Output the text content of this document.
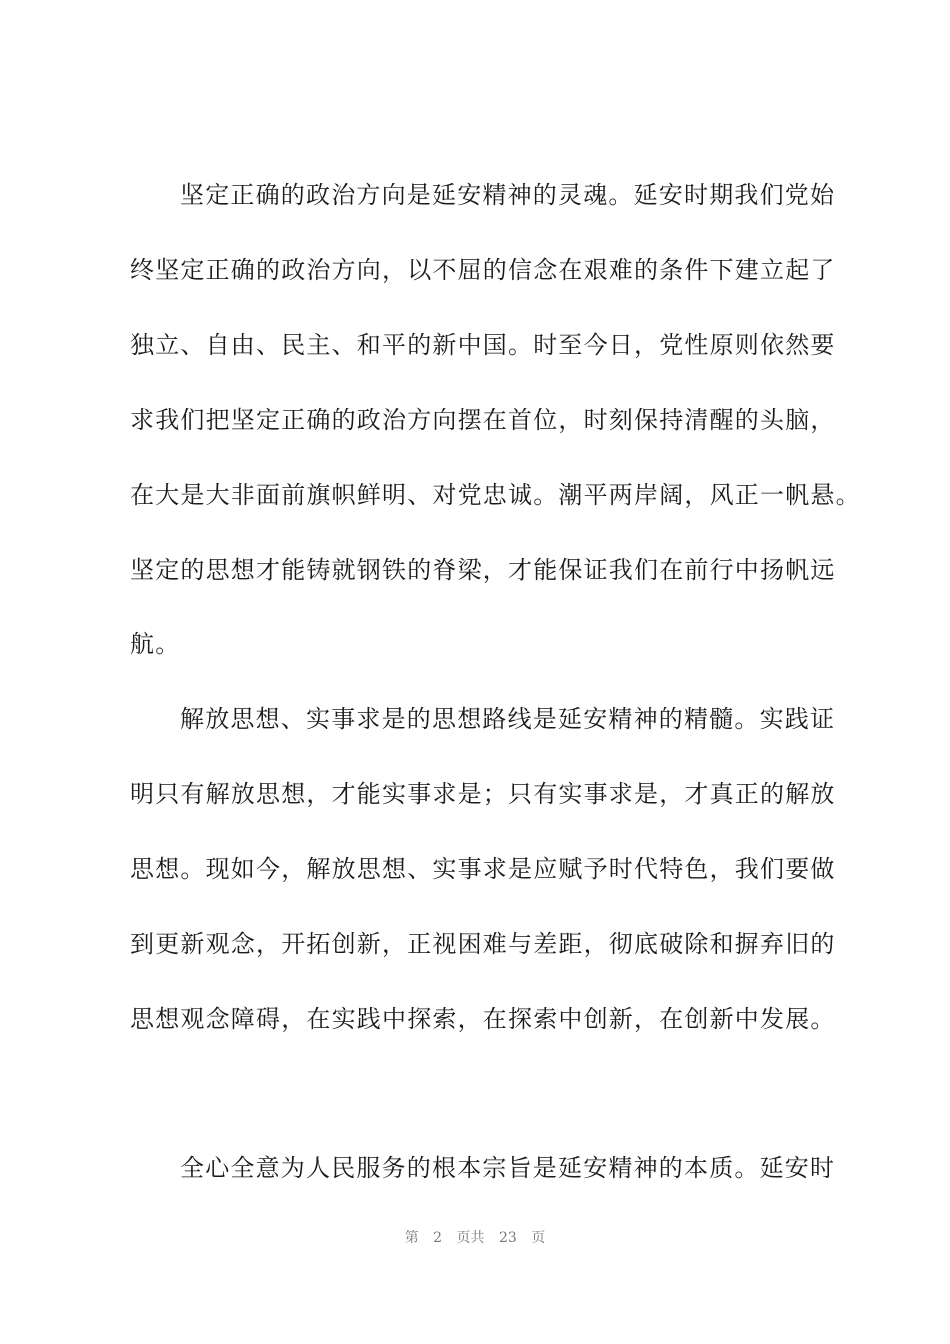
坚定正确的政治方向是延安精神的灵魂。延安时期我们党始
终坚定正确的政治方向，以不屈的信念在艰难的条件下建立起了
独立、自由、民主、和平的新中国。时至今日，党性原则依然要
求我们把坚定正确的政治方向摆在首位，时刻保持清醒的头脑，
在大是大非面前旗帜鲜明、对党忠诚。潮平两岸阔，风正一帆悬。
坚定的思想才能铸就钢铁的脊梁，才能保证我们在前行中扬帆远
航。
解放思想、实事求是的思想路线是延安精神的精髓。实践证
明只有解放思想，才能实事求是；只有实事求是，才真正的解放
思想。现如今，解放思想、实事求是应赋予时代特色，我们要做
到更新观念，开拓创新，正视困难与差距，彻底破除和摒弃旧的
思想观念障碍，在实践中探索，在探索中创新，在创新中发展。
全心全意为人民服务的根本宗旨是延安精神的本质。延安时
第 2 页共 23 页
